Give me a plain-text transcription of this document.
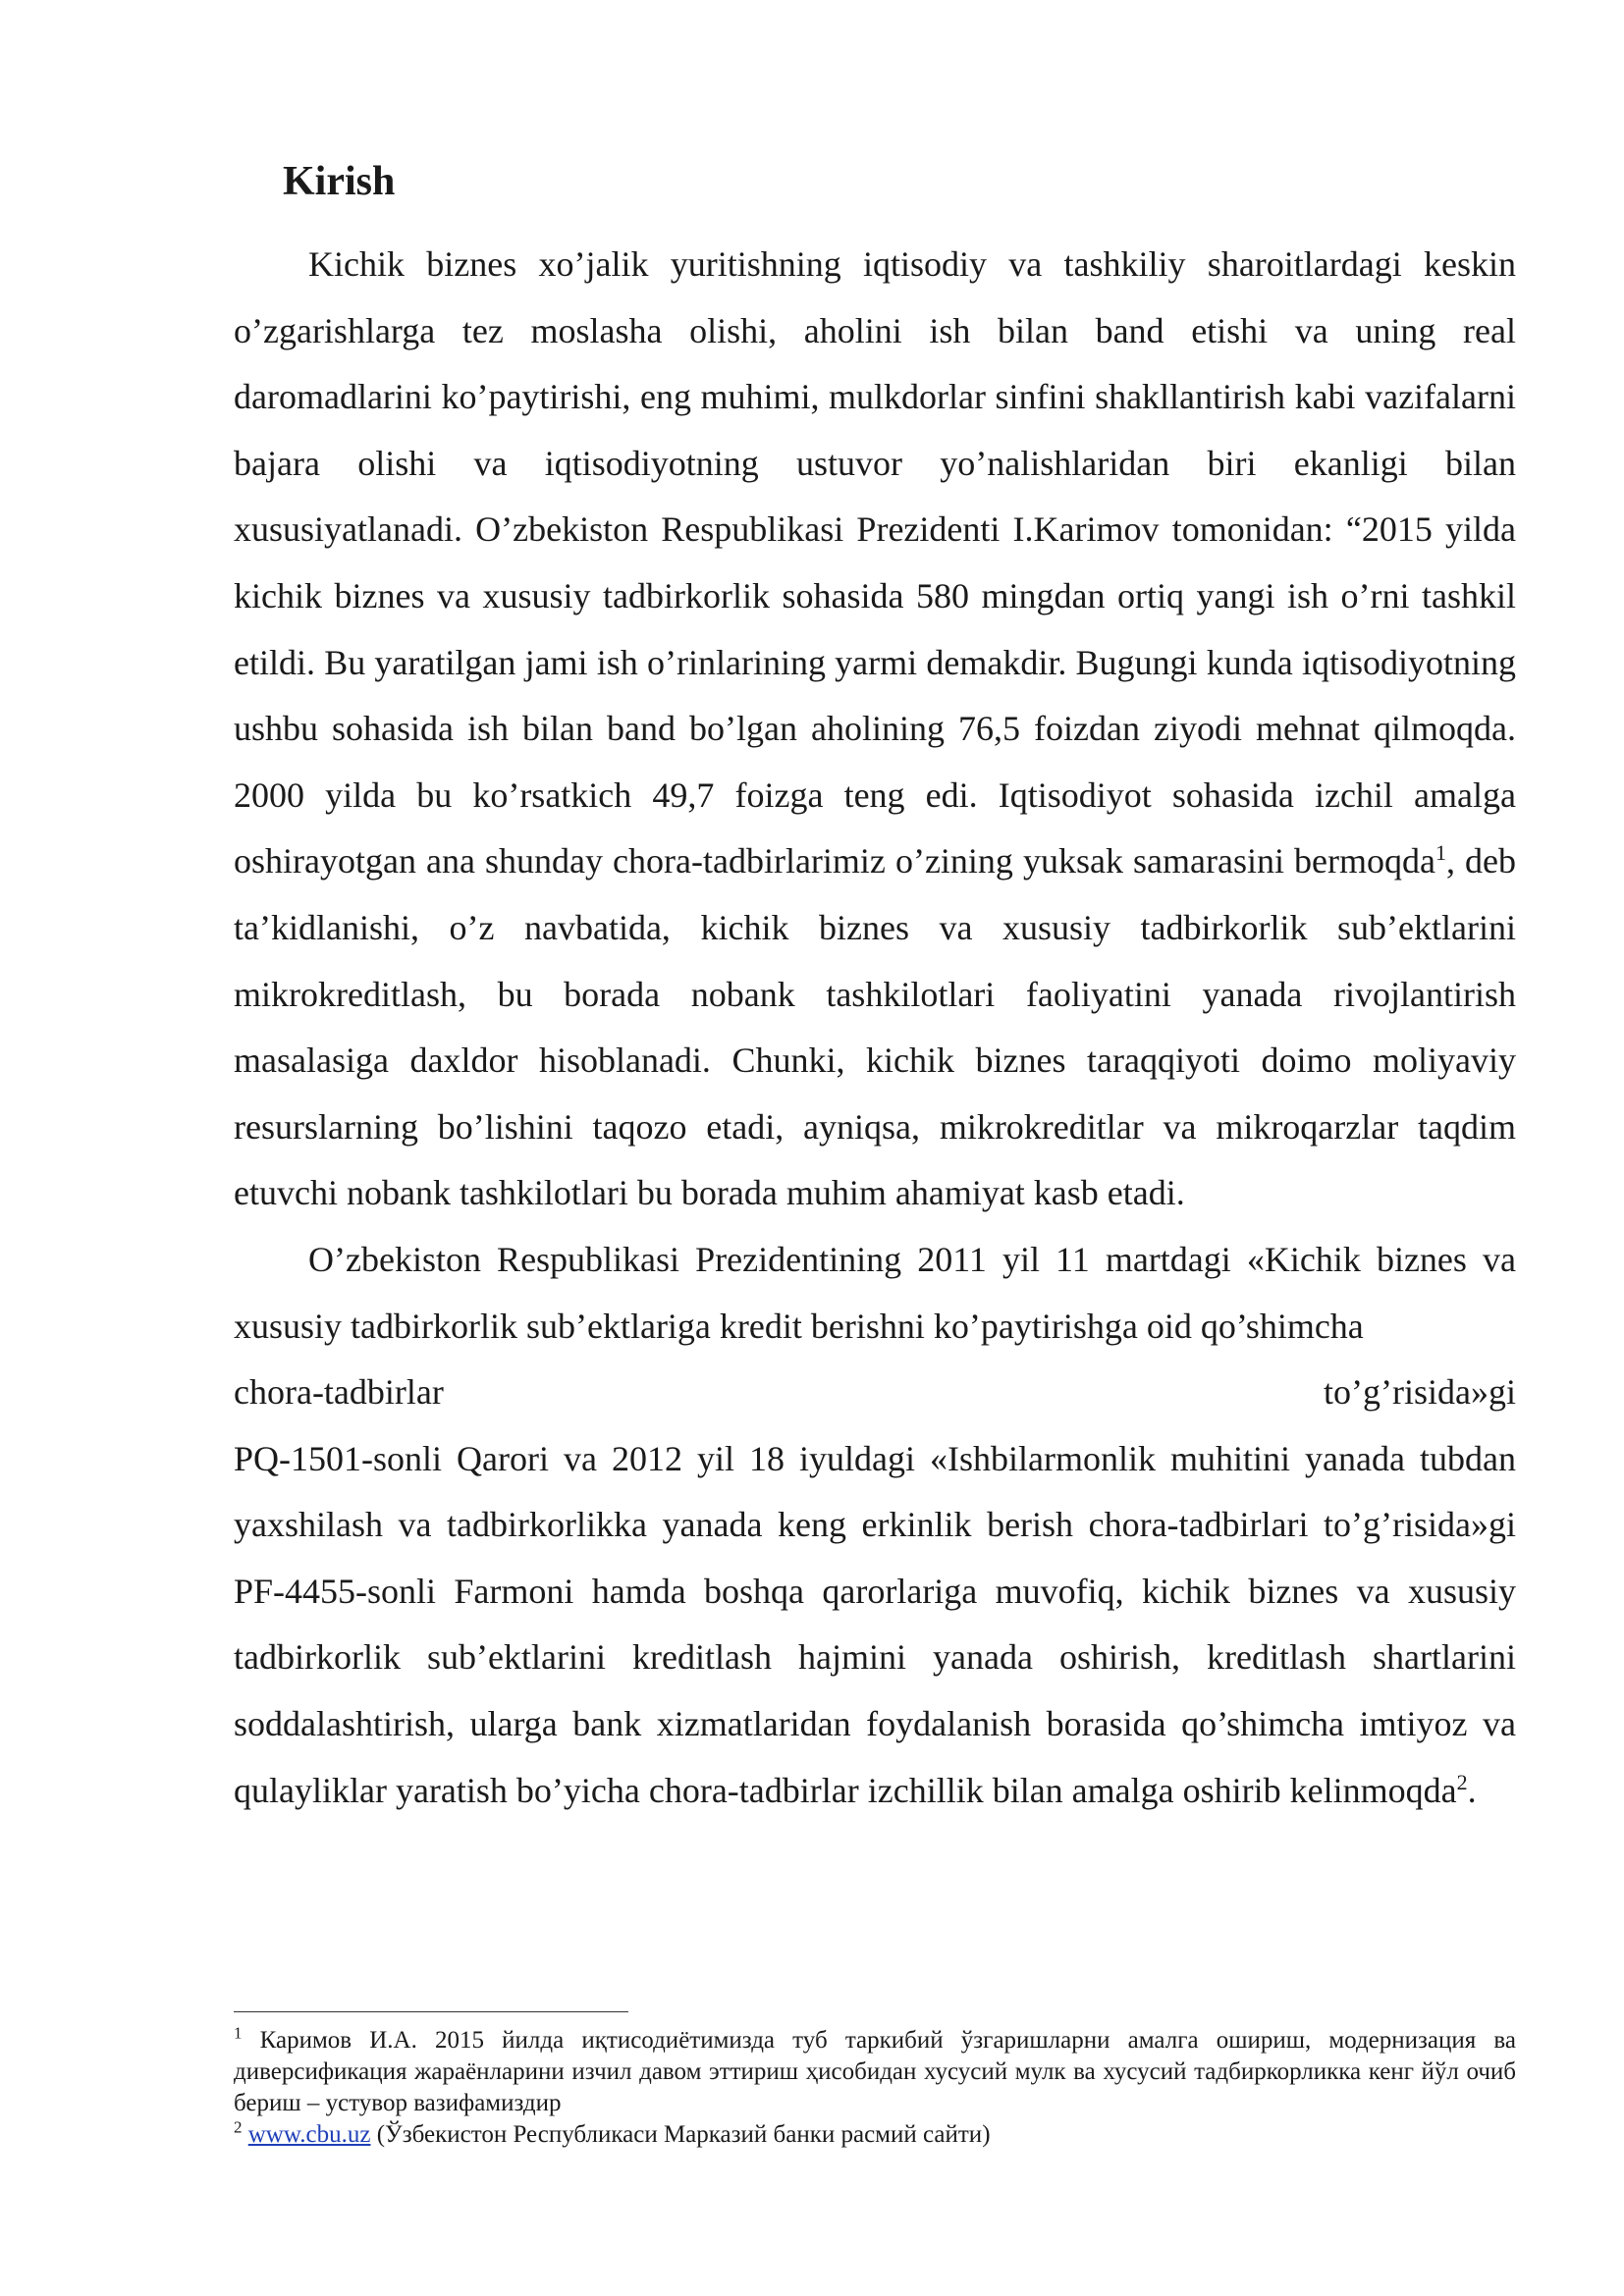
Kirish

Kichik biznes xo’jalik yuritishning iqtisodiy va tashkiliy sharoitlardagi keskin o’zgarishlarga tez moslasha olishi, aholini ish bilan band etishi va uning real daromadlarini ko’paytirishi, eng muhimi, mulkdorlar sinfini shakllantirish kabi vazifalarni bajara olishi va iqtisodiyotning ustuvor yo’nalishlaridan biri ekanligi bilan xususiyatlanadi. O’zbekiston Respublikasi Prezidenti I.Karimov tomonidan: “2015 yilda kichik biznes va xususiy tadbirkorlik sohasida 580 mingdan ortiq yangi ish o’rni tashkil etildi. Bu yaratilgan jami ish o’rinlarining yarmi demakdir. Bugungi kunda iqtisodiyotning ushbu sohasida ish bilan band bo’lgan aholining 76,5 foizdan ziyodi mehnat qilmoqda. 2000 yilda bu ko’rsatkich 49,7 foizga teng edi. Iqtisodiyot sohasida izchil amalga oshirayotgan ana shunday chora-tadbirlarimiz o’zining yuksak samarasini bermoqda$^1$, deb ta’kidlanishi, o’z navbatida, kichik biznes va xususiy tadbirkorlik sub’ektlarini mikrokreditlash, bu borada nobank tashkilotlari faoliyatini yanada rivojlantirish masalasiga daxldor hisoblanadi. Chunki, kichik biznes taraqqiyoti doimo moliyaviy resurslarning bo’lishini taqozo etadi, ayniqsa, mikrokreditlar va mikroqarzlar taqdim etuvchi nobank tashkilotlari bu borada muhim ahamiyat kasb etadi.

O’zbekiston Respublikasi Prezidentining 2011 yil 11 martdagi «Kichik biznes va xususiy tadbirkorlik sub’ektlariga kredit berishni ko’paytirishga oid qo’shimcha
chora-tadbirlar	to’g’risida»gi
PQ-1501-sonli Qarori va 2012 yil 18 iyuldagi «Ishbilarmonlik muhitini yanada tubdan yaxshilash va tadbirkorlikka yanada keng erkinlik berish chora-tadbirlari to’g’risida»gi PF-4455-sonli Farmoni hamda boshqa qarorlariga muvofiq, kichik biznes va xususiy tadbirkorlik sub’ektlarini kreditlash hajmini yanada oshirish, kreditlash shartlarini soddalashtirish, ularga bank xizmatlaridan foydalanish borasida qo’shimcha imtiyoz va qulayliklar yaratish bo’yicha chora-tadbirlar izchillik bilan amalga oshirib kelinmoqda$^2$.

$^1$ Каримов И.А. 2015 йилда иқтисодиётимизда туб таркибий ўзгаришларни амалга ошириш, модернизация ва диверсификация жараёнларини изчил давом эттириш ҳисобидан хусусий мулк ва хусусий тадбиркорликка кенг йўл очиб бериш – устувор вазифамиздир

$^2$ www.cbu.uz (Ўзбекистон Республикаси Марказий банки расмий сайти)
